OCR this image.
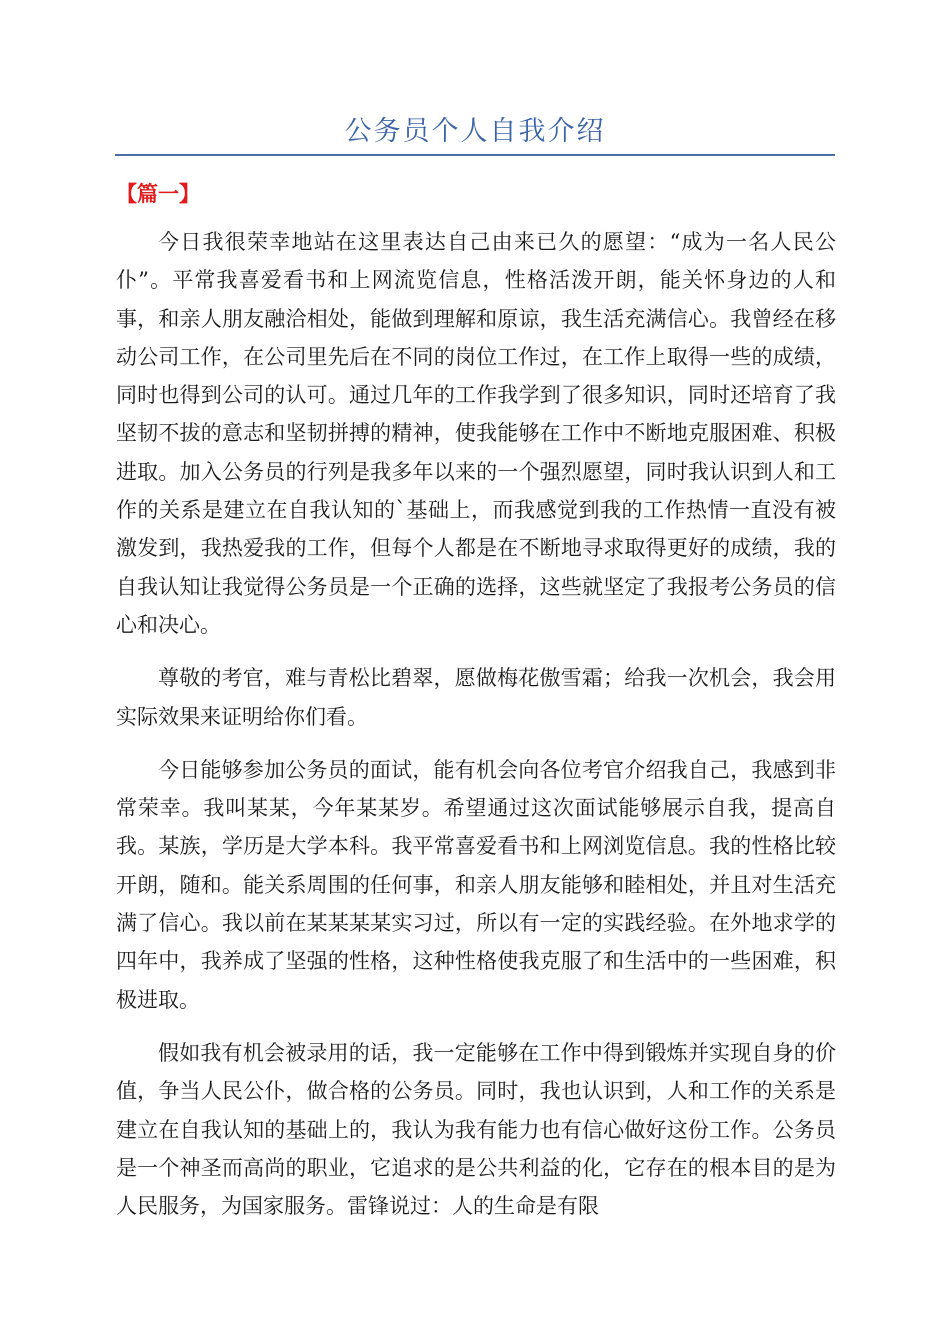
公务员个人自我介绍
【篇一】

今日我很荣幸地站在这里表达自己由来已久的愿望：“成为一名人民公仆”。平常我喜爱看书和上网流览信息，性格活泼开朗，能关怀身边的人和事，和亲人朋友融洽相处，能做到理解和原谅，我生活充满信心。我曾经在移动公司工作，在公司里先后在不同的岗位工作过，在工作上取得一些的成绩，同时也得到公司的认可。通过几年的工作我学到了很多知识，同时还培育了我坚韧不拔的意志和坚韧拼搏的精神，使我能够在工作中不断地克服困难、积极进取。加入公务员的行列是我多年以来的一个强烈愿望，同时我认识到人和工作的关系是建立在自我认知的`基础上，而我感觉到我的工作热情一直没有被激发到，我热爱我的工作，但每个人都是在不断地寻求取得更好的成绩，我的自我认知让我觉得公务员是一个正确的选择，这些就坚定了我报考公务员的信心和决心。

尊敬的考官，难与青松比碧翠，愿做梅花傲雪霜；给我一次机会，我会用实际效果来证明给你们看。

今日能够参加公务员的面试，能有机会向各位考官介绍我自己，我感到非常荣幸。我叫某某，今年某某岁。希望通过这次面试能够展示自我，提高自我。某族，学历是大学本科。我平常喜爱看书和上网浏览信息。我的性格比较开朗，随和。能关系周围的任何事，和亲人朋友能够和睦相处，并且对生活充满了信心。我以前在某某某某实习过，所以有一定的实践经验。在外地求学的四年中，我养成了坚强的性格，这种性格使我克服了和生活中的一些困难，积极进取。

假如我有机会被录用的话，我一定能够在工作中得到锻炼并实现自身的价值，争当人民公仆，做合格的公务员。同时，我也认识到，人和工作的关系是建立在自我认知的基础上的，我认为我有能力也有信心做好这份工作。公务员是一个神圣而高尚的职业，它追求的是公共利益的化，它存在的根本目的是为人民服务，为国家服务。雷锋说过：人的生命是有限
